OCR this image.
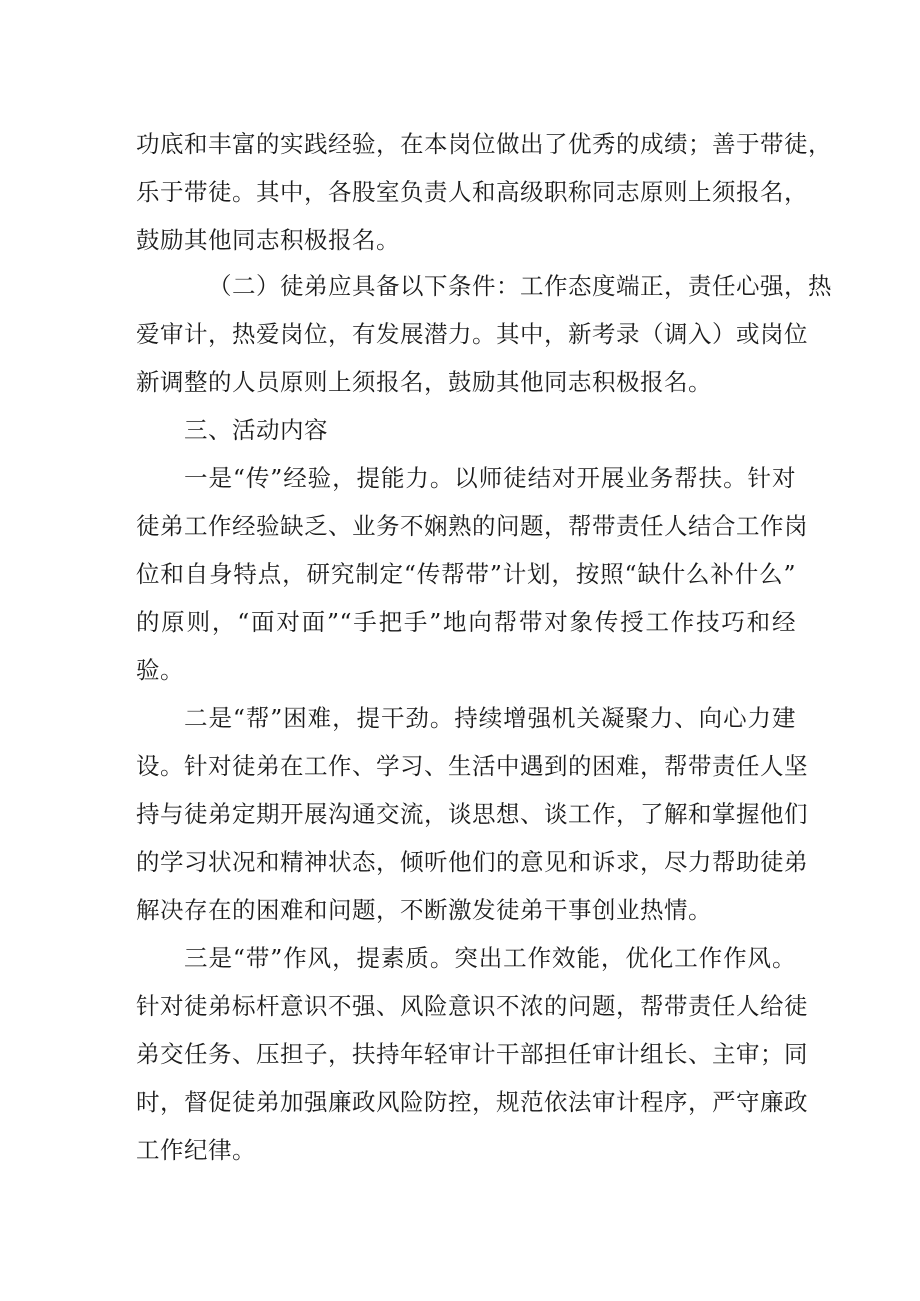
功底和丰富的实践经验，在本岗位做出了优秀的成绩；善于带徒，
乐于带徒。其中，各股室负责人和高级职称同志原则上须报名，
鼓励其他同志积极报名。
（二）徒弟应具备以下条件：工作态度端正，责任心强，热
爱审计，热爱岗位，有发展潜力。其中，新考录（调入）或岗位
新调整的人员原则上须报名，鼓励其他同志积极报名。
三、活动内容
一是“传”经验，提能力。以师徒结对开展业务帮扶。针对
徒弟工作经验缺乏、业务不娴熟的问题，帮带责任人结合工作岗
位和自身特点，研究制定“传帮带”计划，按照“缺什么补什么”
的原则，“面对面”“手把手”地向帮带对象传授工作技巧和经
验。
二是“帮”困难，提干劲。持续增强机关凝聚力、向心力建
设。针对徒弟在工作、学习、生活中遇到的困难，帮带责任人坚
持与徒弟定期开展沟通交流，谈思想、谈工作，了解和掌握他们
的学习状况和精神状态，倾听他们的意见和诉求，尽力帮助徒弟
解决存在的困难和问题，不断激发徒弟干事创业热情。
三是“带”作风，提素质。突出工作效能，优化工作作风。
针对徒弟标杆意识不强、风险意识不浓的问题，帮带责任人给徒
弟交任务、压担子，扶持年轻审计干部担任审计组长、主审；同
时，督促徒弟加强廉政风险防控，规范依法审计程序，严守廉政
工作纪律。
